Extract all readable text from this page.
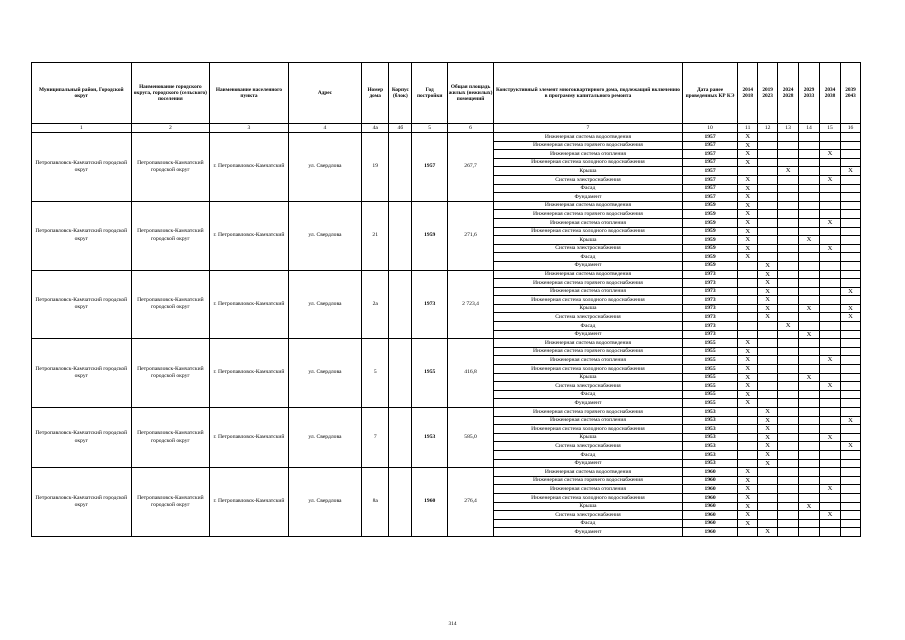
Муниципальный район, Городской округ	Наименование городского округа, городского (сельского) поселения	Наименование населенного пункта	Адрес	Номер дома	Корпус (блок)	Год постройки	Общая площадь жилых (нежилых) помещений	Конструктивный элемент многоквартирного дома, подлежащий включению в программу капитального ремонта	Дата ранее проведенных КР КЭ	2014 2018	2019 2023	2024 2028	2029 2033	2034 2038	2039 2043
1	2	3	4	4а	4б	5	6	7	10	11	12	13	14	15	16
Петропавловск-Камчатский городской округ	Петропавловск-Камчатский городской округ	г. Петропавловск-Камчатский	ул. Свердлова	19		1957	267,7	Инженерная система водоотведения	1957	X					
								Инженерная система горячего водоснабжения	1957	X					
								Инженерная система отопления	1957	X				X	
								Инженерная система холодного водоснабжения	1957	X					
								Крыша	1957			X			X
								Система электроснабжения	1957	X				X	
								Фасад	1957	X					
								Фундамент	1957	X					
Петропавловск-Камчатский городской округ	Петропавловск-Камчатский городской округ	г. Петропавловск-Камчатский	ул. Свердлова	21		1959	271,6	Инженерная система водоотведения	1959	X					
								Инженерная система горячего водоснабжения	1959	X					
								Инженерная система отопления	1959	X				X	
								Инженерная система холодного водоснабжения	1959	X					
								Крыша	1959	X			X		
								Система электроснабжения	1959	X				X	
								Фасад	1959	X					
								Фундамент	1959		X				
Петропавловск-Камчатский городской округ	Петропавловск-Камчатский городской округ	г. Петропавловск-Камчатский	ул. Свердлова	2а		1973	2 723,4	Инженерная система водоотведения	1973		X				
								Инженерная система горячего водоснабжения	1973		X				
								Инженерная система отопления	1973		X				X
								Инженерная система холодного водоснабжения	1973		X				
								Крыша	1973		X		X		X
								Система электроснабжения	1973		X				X
								Фасад	1973			X			
								Фундамент	1973				X		
Петропавловск-Камчатский городской округ	Петропавловск-Камчатский городской округ	г. Петропавловск-Камчатский	ул. Свердлова	5		1955	416,8	Инженерная система водоотведения	1955	X					
								Инженерная система горячего водоснабжения	1955	X					
								Инженерная система отопления	1955	X				X	
								Инженерная система холодного водоснабжения	1955	X					
								Крыша	1955	X			X		
								Система электроснабжения	1955	X				X	
								Фасад	1955	X					
								Фундамент	1955	X					
Петропавловск-Камчатский городской округ	Петропавловск-Камчатский городской округ	г. Петропавловск-Камчатский	ул. Свердлова	7		1953	585,0	Инженерная система горячего водоснабжения	1953		X				
								Инженерная система отопления	1953		X				X
								Инженерная система холодного водоснабжения	1953		X				
								Крыша	1953		X			X	
								Система электроснабжения	1953		X				X
								Фасад	1953		X				
								Фундамент	1953		X				
Петропавловск-Камчатский городской округ	Петропавловск-Камчатский городской округ	г. Петропавловск-Камчатский	ул. Свердлова	8а		1960	276,4	Инженерная система водоотведения	1960	X					
								Инженерная система горячего водоснабжения	1960	X					
								Инженерная система отопления	1960	X				X	
								Инженерная система холодного водоснабжения	1960	X					
								Крыша	1960	X			X		
								Система электроснабжения	1960	X				X	
								Фасад	1960	X					
								Фундамент	1960		X				
314
